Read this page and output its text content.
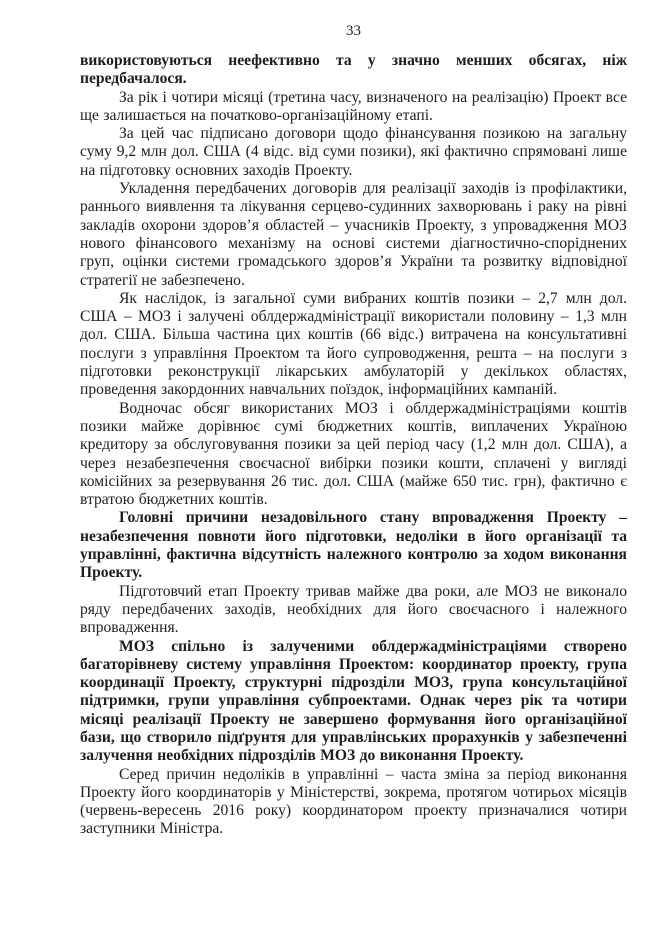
33

використовуються неефективно та у значно менших обсягах, ніж передбачалося.

За рік і чотири місяці (третина часу, визначеного на реалізацію) Проект все ще залишається на початково-організаційному етапі.

За цей час підписано договори щодо фінансування позикою на загальну суму 9,2 млн дол. США (4 відс. від суми позики), які фактично спрямовані лише на підготовку основних заходів Проекту.

Укладення передбачених договорів для реалізації заходів із профілактики, раннього виявлення та лікування серцево-судинних захворювань і раку на рівні закладів охорони здоров’я областей – учасників Проекту, з упровадження МОЗ нового фінансового механізму на основі системи діагностично-споріднених груп, оцінки системи громадського здоров’я України та розвитку відповідної стратегії не забезпечено.

Як наслідок, із загальної суми вибраних коштів позики – 2,7 млн дол. США – МОЗ і залучені облдержадміністрації використали половину – 1,3 млн дол. США. Більша частина цих коштів (66 відс.) витрачена на консультативні послуги з управління Проектом та його супроводження, решта – на послуги з підготовки реконструкції лікарських амбулаторій у декількох областях, проведення закордонних навчальних поїздок, інформаційних кампаній.

Водночас обсяг використаних МОЗ і облдержадміністраціями коштів позики майже дорівнює сумі бюджетних коштів, виплачених Україною кредитору за обслуговування позики за цей період часу (1,2 млн дол. США), а через незабезпечення своєчасної вибірки позики кошти, сплачені у вигляді комісійних за резервування 26 тис. дол. США (майже 650 тис. грн), фактично є втратою бюджетних коштів.

Головні причини незадовільного стану впровадження Проекту – незабезпечення повноти його підготовки, недоліки в його організації та управлінні, фактична відсутність належного контролю за ходом виконання Проекту.

Підготовчий етап Проекту тривав майже два роки, але МОЗ не виконало ряду передбачених заходів, необхідних для його своєчасного і належного впровадження.

МОЗ спільно із залученими облдержадміністраціями створено багаторівневу систему управління Проектом: координатор проекту, група координації Проекту, структурні підрозділи МОЗ, група консультаційної підтримки, групи управління субпроектами. Однак через рік та чотири місяці реалізації Проекту не завершено формування його організаційної бази, що створило підґрунтя для управлінських прорахунків у забезпеченні залучення необхідних підрозділів МОЗ до виконання Проекту.

Серед причин недоліків в управлінні – часта зміна за період виконання Проекту його координаторів у Міністерстві, зокрема, протягом чотирьох місяців (червень-вересень 2016 року) координатором проекту призначалися чотири заступники Міністра.
